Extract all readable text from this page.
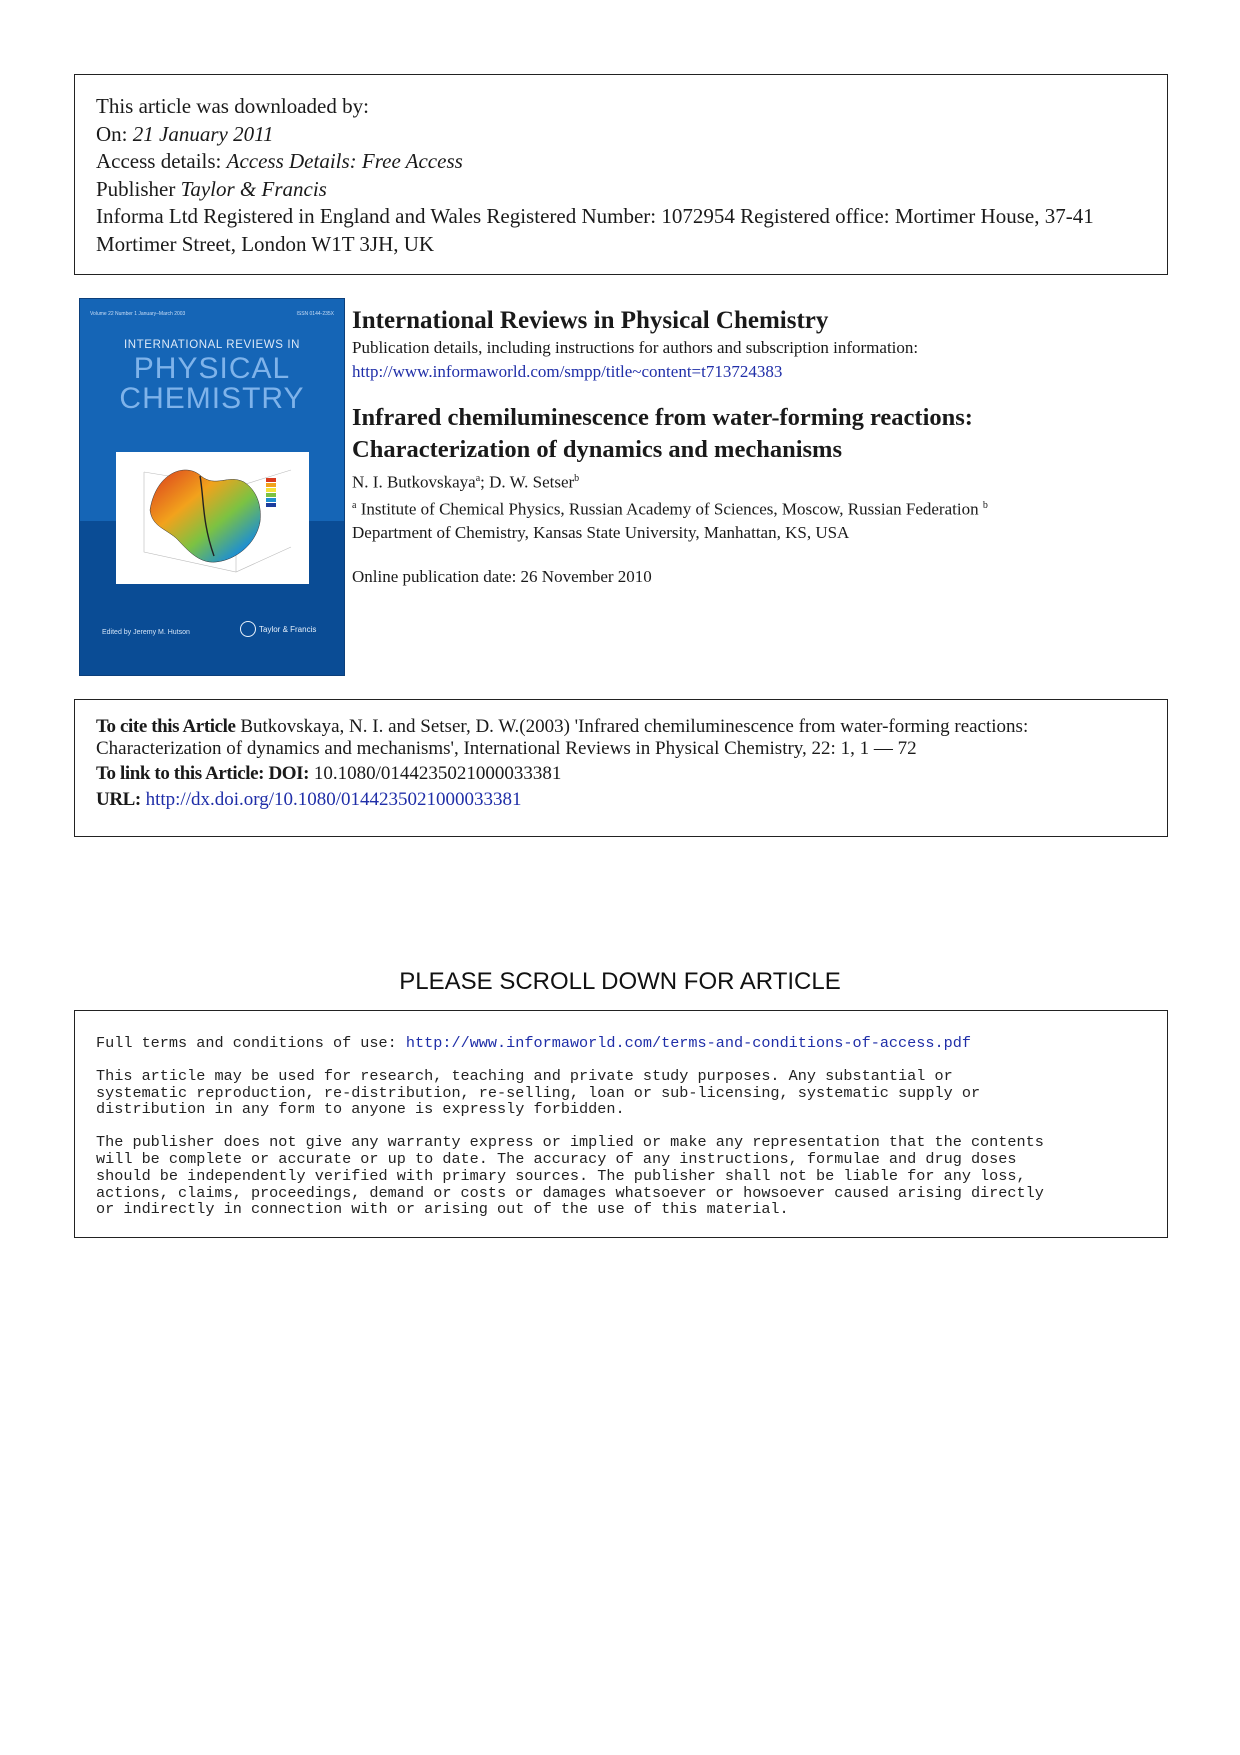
This article was downloaded by:
On: 21 January 2011
Access details: Access Details: Free Access
Publisher Taylor & Francis
Informa Ltd Registered in England and Wales Registered Number: 1072954 Registered office: Mortimer House, 37-41 Mortimer Street, London W1T 3JH, UK
Volume 22 Number 1 January–March 2003	ISSN 0144-235X
INTERNATIONAL REVIEWS IN
PHYSICAL
CHEMISTRY
Edited by Jeremy M. Hutson	Taylor & Francis
International Reviews in Physical Chemistry
Publication details, including instructions for authors and subscription information:
http://www.informaworld.com/smpp/title~content=t713724383
Infrared chemiluminescence from water-forming reactions:
Characterization of dynamics and mechanisms
N. I. Butkovskaya$^a$; D. W. Setser$^b$
$^a$ Institute of Chemical Physics, Russian Academy of Sciences, Moscow, Russian Federation $^b$
Department of Chemistry, Kansas State University, Manhattan, KS, USA
Online publication date: 26 November 2010
To cite this Article Butkovskaya, N. I. and Setser, D. W.(2003) 'Infrared chemiluminescence from water-forming reactions: Characterization of dynamics and mechanisms', International Reviews in Physical Chemistry, 22: 1, 1 — 72
To link to this Article: DOI: 10.1080/0144235021000033381
URL: http://dx.doi.org/10.1080/0144235021000033381
PLEASE SCROLL DOWN FOR ARTICLE

Full terms and conditions of use: http://www.informaworld.com/terms-and-conditions-of-access.pdf

This article may be used for research, teaching and private study purposes. Any substantial or
systematic reproduction, re-distribution, re-selling, loan or sub-licensing, systematic supply or
distribution in any form to anyone is expressly forbidden.

The publisher does not give any warranty express or implied or make any representation that the contents
will be complete or accurate or up to date. The accuracy of any instructions, formulae and drug doses
should be independently verified with primary sources. The publisher shall not be liable for any loss,
actions, claims, proceedings, demand or costs or damages whatsoever or howsoever caused arising directly
or indirectly in connection with or arising out of the use of this material.
